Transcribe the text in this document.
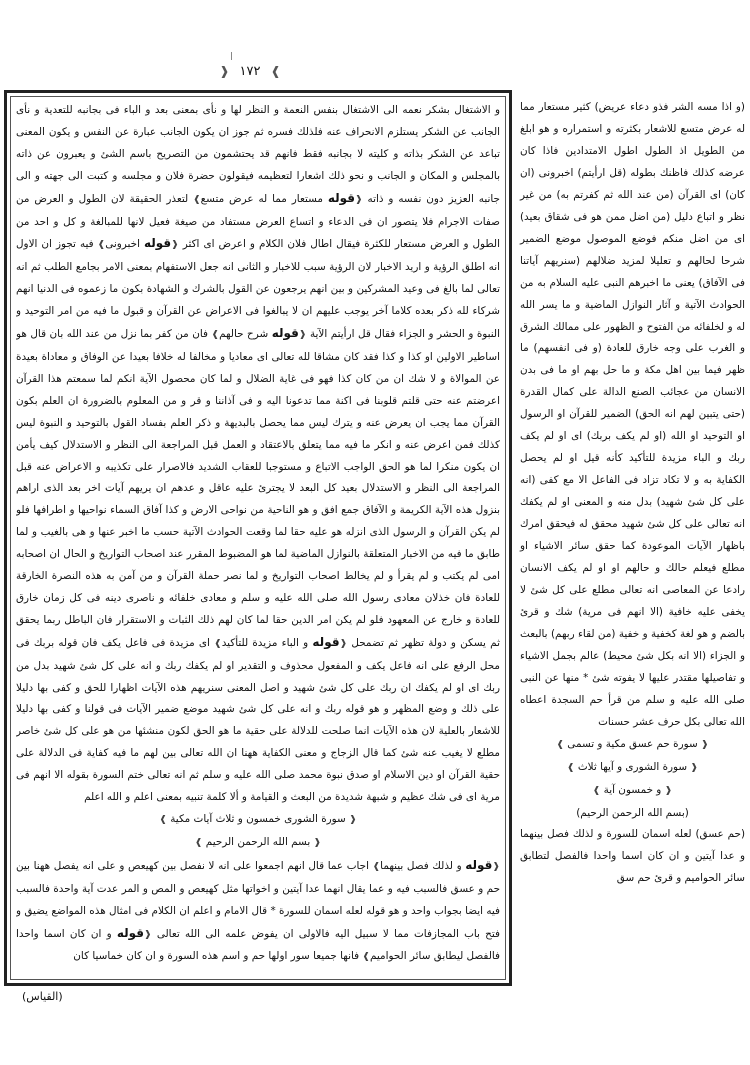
❱ ١٧٢ ❰

و الاشتغال بشكر نعمه الى الاشتغال بنفس النعمة و النظر لها و نأى بمعنى بعد و الباء فى بجانبه للتعدية و نأى الجانب عن الشكر يستلزم الانحراف عنه فلذلك فسره ثم جوز ان يكون الجانب عبارة عن النفس و يكون المعنى تباعد عن الشكر بذاته و كليته لا بجانبه فقط فانهم قد يحتشمون من التصريح باسم الشئ و يعبرون عن ذاته بالمجلس و المكان و الجانب و نحو ذلك اشعارا لتعظيمه فيقولون حضرة فلان و مجلسه و كتبت الى جهته و الى جانبه العزيز دون نفسه و ذاته ❰قوله مستعار مما له عرض متسع❱ لتعذر الحقيقة لان الطول و العرض من صفات الاجرام فلا يتصور ان فى الدعاء و اتساع العرض مستفاد من صيغة فعيل لانها للمبالغة و كل و احد من الطول و العرض مستعار للكثرة فيقال اطال فلان الكلام و اعرض اى اكثر ❰قوله اخبرونى❱ فيه تجوز ان الاول انه اطلق الرؤية و اريد الاخبار لان الرؤية سبب للاخبار و الثانى انه جعل الاستفهام بمعنى الامر بجامع الطلب ثم انه تعالى لما بالغ فى وعيد المشركين و بين انهم يرجعون عن القول بالشرك و الشهادة بكون ما زعموه فى الدنيا انهم شركاء لله ذكر بعده كلاما آخر يوجب عليهم ان لا يبالغوا فى الاعراض عن القرآن و قبول ما فيه من امر التوحيد و النبوة و الحشر و الجزاء فقال قل ارأيتم الآية ❰قوله شرح حالهم❱ فان من كفر بما نزل من عند الله بان قال هو اساطير الاولين او كذا و كذا فقد كان مشاقا لله تعالى اى معاديا و مخالفا له خلافا بعيدا عن الوفاق و معاداة بعيدة عن الموالاة و لا شك ان من كان كذا فهو فى غاية الضلال و لما كان محصول الآية انكم لما سمعتم هذا القرآن اعرضتم عنه حتى قلتم قلوبنا فى اكنة مما تدعونا اليه و فى آذاننا و قر و من المعلوم بالضرورة ان العلم بكون القرآن مما يجب ان يعرض عنه و يترك ليس مما يحصل بالبديهة و ذكر العلم بفساد القول بالتوحيد و النبوة ليس كذلك فمن اعرض عنه و انكر ما فيه مما يتعلق بالاعتقاد و العمل قبل المراجعة الى النظر و الاستدلال كيف يأمن ان يكون منكرا لما هو الحق الواجب الاتباع و مستوجبا للعقاب الشديد فالاصرار على تكذيبه و الاعراض عنه قبل المراجعة الى النظر و الاستدلال بعيد كل البعد لا يجترئ عليه عاقل و عدهم ان يريهم آيات اخر بعد الذى اراهم بنزول هذه الآية الكريمة و الآفاق جمع افق و هو الناحية من نواحى الارض و كذا آفاق السماء نواحيها و اطرافها فلو لم يكن القرآن و الرسول الذى انزله هو عليه حقا لما وقعت الحوادث الآتية حسب ما اخبر عنها و هى بالغيب و لما طابق ما فيه من الاخبار المتعلقة بالنوازل الماضية لما هو المضبوط المقرر عند اصحاب التواريخ و الحال ان اصحابه امى لم يكتب و لم يقرأ و لم يخالط اصحاب التواريخ و لما نصر حملة القرآن و من آمن به هذه النصرة الخارقة للعادة فان خذلان معادى رسول الله صلى الله عليه و سلم و معادى خلفائه و ناصرى دينه فى كل زمان خارق للعادة و خارج عن المعهود فلو لم يكن امر الدين حقا لما كان لهم ذلك الثبات و الاستقرار فان الباطل ربما يحقق ثم يسكن و دولة تظهر ثم تضمحل ❰قوله و الباء مزيدة للتأكيد❱ اى مزيدة فى فاعل يكف فان قوله بربك فى محل الرفع على انه فاعل يكف و المفعول محذوف و التقدير او لم يكفك ربك و انه على كل شئ شهيد بدل من ربك اى او لم يكفك ان ربك على كل شئ شهيد و اصل المعنى سنريهم هذه الآيات اظهارا للحق و كفى بها دليلا على ذلك و وضع المظهر و هو قوله ربك و انه على كل شئ شهيد موضع ضمير الآيات فى قولنا و كفى بها دليلا للاشعار بالعلية لان هذه الآيات انما صلحت للدلالة على حقية ما هو الحق لكون منشئها من هو على كل شئ خاصر مطلع لا يغيب عنه شئ كما قال الزجاج و معنى الكفاية ههنا ان الله تعالى بين لهم ما فيه كفاية فى الدلالة على حقية القرآن او دين الاسلام او صدق نبوة محمد صلى الله عليه و سلم ثم انه تعالى ختم السورة بقوله الا انهم فى مرية اى فى شك عظيم و شبهة شديدة من البعث و القيامة و ألا كلمة تنبيه بمعنى اعلم و الله اعلم

❰ سورة الشورى خمسون و ثلاث آيات مكية ❱

❰ بسم الله الرحمن الرحيم ❱

❰قوله و لذلك فصل بينهما❱ اجاب عما قال انهم اجمعوا على انه لا نفصل بين كهيعص و على انه يفصل ههنا بين حم و عسق فالسبب فيه و عما يقال انهما عدا آيتين و اخواتها مثل كهيعص و المص و المر عدت آية واحدة فالسبب فيه ايضا بجواب واحد و هو قوله لعله اسمان للسورة * قال الامام و اعلم ان الكلام فى امثال هذه المواضع يضيق و فتح باب المجازفات مما لا سبيل اليه فالاولى ان يفوض علمه الى الله تعالى ❰قوله و ان كان اسما واحدا فالفصل ليطابق سائر الحواميم❱ فانها جميعا سور اولها حم و اسم هذه السورة و ان كان خماسيا كان

(و اذا مسه الشر فذو دعاء عريض) كثير مستعار مما له عرض متسع للاشعار بكثرته و استمراره و هو ابلغ من الطويل اذ الطول اطول الامتدادين فاذا كان عرضه كذلك فاظنك بطوله (قل ارأيتم) اخبرونى (ان كان) اى القرآن (من عند الله ثم كفرتم به) من غير نظر و اتباع دليل (من اضل ممن هو فى شقاق بعيد) اى من اضل منكم فوضع الموصول موضع الضمير شرحا لحالهم و تعليلا لمزيد ضلالهم (سنريهم آياتنا فى الآفاق) يعنى ما اخبرهم النبى عليه السلام به من الحوادث الآتية و آثار النوازل الماضية و ما يسر الله له و لخلفائه من الفتوح و الظهور على ممالك الشرق و الغرب على وجه خارق للعادة (و فى انفسهم) ما ظهر فيما بين اهل مكة و ما حل بهم او ما فى بدن الانسان من عجائب الصنع الدالة على كمال القدرة (حتى يتبين لهم انه الحق) الضمير للقرآن او الرسول او التوحيد او الله (او لم يكف بربك) اى او لم يكف ربك و الباء مزيدة للتأكيد كأنه قيل او لم يحصل الكفاية به و لا تكاد تزاد فى الفاعل الا مع كفى (انه على كل شئ شهيد) بدل منه و المعنى او لم يكفك انه تعالى على كل شئ شهيد محقق له فيحقق امرك باظهار الآيات الموعودة كما حقق سائر الاشياء او مطلع فيعلم حالك و حالهم او او لم يكف الانسان رادعا عن المعاصى انه تعالى مطلع على كل شئ لا يخفى عليه خافية (الا انهم فى مرية) شك و قرئ بالضم و هو لغة كخفية و خفية (من لقاء ربهم) بالبعث و الجزاء (الا انه بكل شئ محيط) عالم بجمل الاشياء و تفاصيلها مقتدر عليها لا يفوته شئ * منها عن النبى صلى الله عليه و سلم من قرأ حم السجدة اعطاه الله تعالى بكل حرف عشر حسنات

❰ سورة حم عسق مكية و تسمى ❱

❰ سورة الشورى و آيها ثلاث ❱

❰ و خمسون آية ❱

(بسم الله الرحمن الرحيم)

(حم عسق) لعله اسمان للسورة و لذلك فصل بينهما و عدا آيتين و ان كان اسما واحدا فالفصل لتطابق سائر الحواميم و قرئ حم سق

(القياس)
